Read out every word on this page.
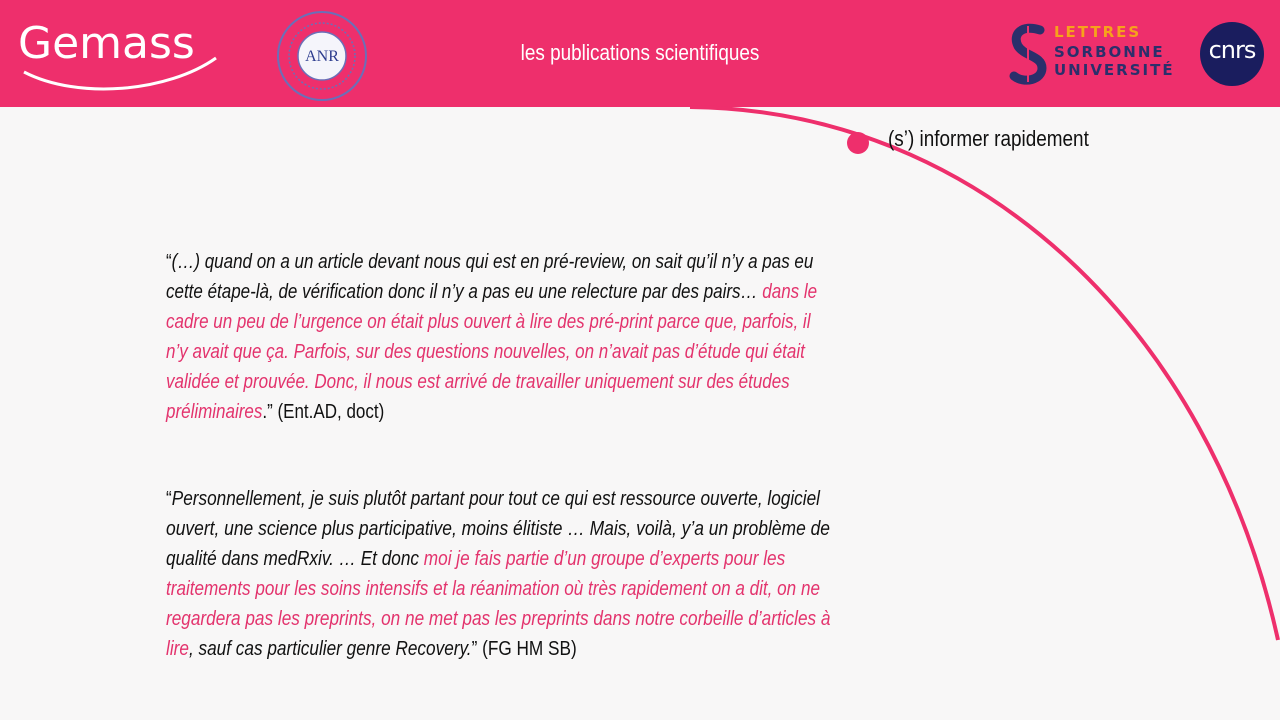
Gemass	ANR	les publications scientifiques
LETTRES
SORBONNE
UNIVERSITÉ
cnrs
(s’) informer rapidement
“(…) quand on a un article devant nous qui est en pré-review, on sait qu’il n’y a pas eu
cette étape-là, de vérification donc il n’y a pas eu une relecture par des pairs… dans le
cadre un peu de l’urgence on était plus ouvert à lire des pré-print parce que, parfois, il
n’y avait que ça. Parfois, sur des questions nouvelles, on n’avait pas d’étude qui était
validée et prouvée. Donc, il nous est arrivé de travailler uniquement sur des études
préliminaires.” (Ent.AD, doct)
“Personnellement, je suis plutôt partant pour tout ce qui est ressource ouverte, logiciel
ouvert, une science plus participative, moins élitiste … Mais, voilà, y’a un problème de
qualité dans medRxiv. … Et donc moi je fais partie d’un groupe d’experts pour les
traitements pour les soins intensifs et la réanimation où très rapidement on a dit, on ne
regardera pas les preprints, on ne met pas les preprints dans notre corbeille d’articles à
lire, sauf cas particulier genre Recovery.” (FG HM SB)
